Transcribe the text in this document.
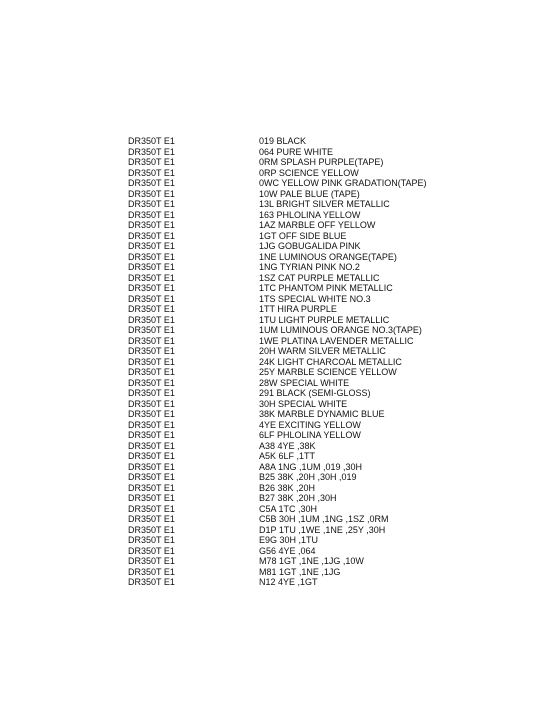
DR350T E1	019 BLACK
DR350T E1	064 PURE WHITE
DR350T E1	0RM SPLASH PURPLE(TAPE)
DR350T E1	0RP SCIENCE YELLOW
DR350T E1	0WC YELLOW PINK GRADATION(TAPE)
DR350T E1	10W PALE BLUE (TAPE)
DR350T E1	13L BRIGHT SILVER METALLIC
DR350T E1	163 PHLOLINA YELLOW
DR350T E1	1AZ MARBLE OFF YELLOW
DR350T E1	1GT OFF SIDE BLUE
DR350T E1	1JG GOBUGALIDA PINK
DR350T E1	1NE LUMINOUS ORANGE(TAPE)
DR350T E1	1NG TYRIAN PINK NO.2
DR350T E1	1SZ CAT PURPLE METALLIC
DR350T E1	1TC PHANTOM PINK METALLIC
DR350T E1	1TS SPECIAL WHITE NO.3
DR350T E1	1TT HIRA PURPLE
DR350T E1	1TU LIGHT PURPLE METALLIC
DR350T E1	1UM LUMINOUS ORANGE NO.3(TAPE)
DR350T E1	1WE PLATINA LAVENDER METALLIC
DR350T E1	20H WARM SILVER METALLIC
DR350T E1	24K LIGHT CHARCOAL METALLIC
DR350T E1	25Y MARBLE SCIENCE YELLOW
DR350T E1	28W SPECIAL WHITE
DR350T E1	291 BLACK (SEMI-GLOSS)
DR350T E1	30H SPECIAL WHITE
DR350T E1	38K MARBLE DYNAMIC BLUE
DR350T E1	4YE EXCITING YELLOW
DR350T E1	6LF PHLOLINA YELLOW
DR350T E1	A38 4YE ,38K
DR350T E1	A5K 6LF ,1TT
DR350T E1	A8A 1NG ,1UM ,019 ,30H
DR350T E1	B25 38K ,20H ,30H ,019
DR350T E1	B26 38K ,20H
DR350T E1	B27 38K ,20H ,30H
DR350T E1	C5A 1TC ,30H
DR350T E1	C5B 30H ,1UM ,1NG ,1SZ ,0RM
DR350T E1	D1P 1TU ,1WE ,1NE ,25Y ,30H
DR350T E1	E9G 30H ,1TU
DR350T E1	G56 4YE ,064
DR350T E1	M78 1GT ,1NE ,1JG ,10W
DR350T E1	M81 1GT ,1NE ,1JG
DR350T E1	N12 4YE ,1GT
